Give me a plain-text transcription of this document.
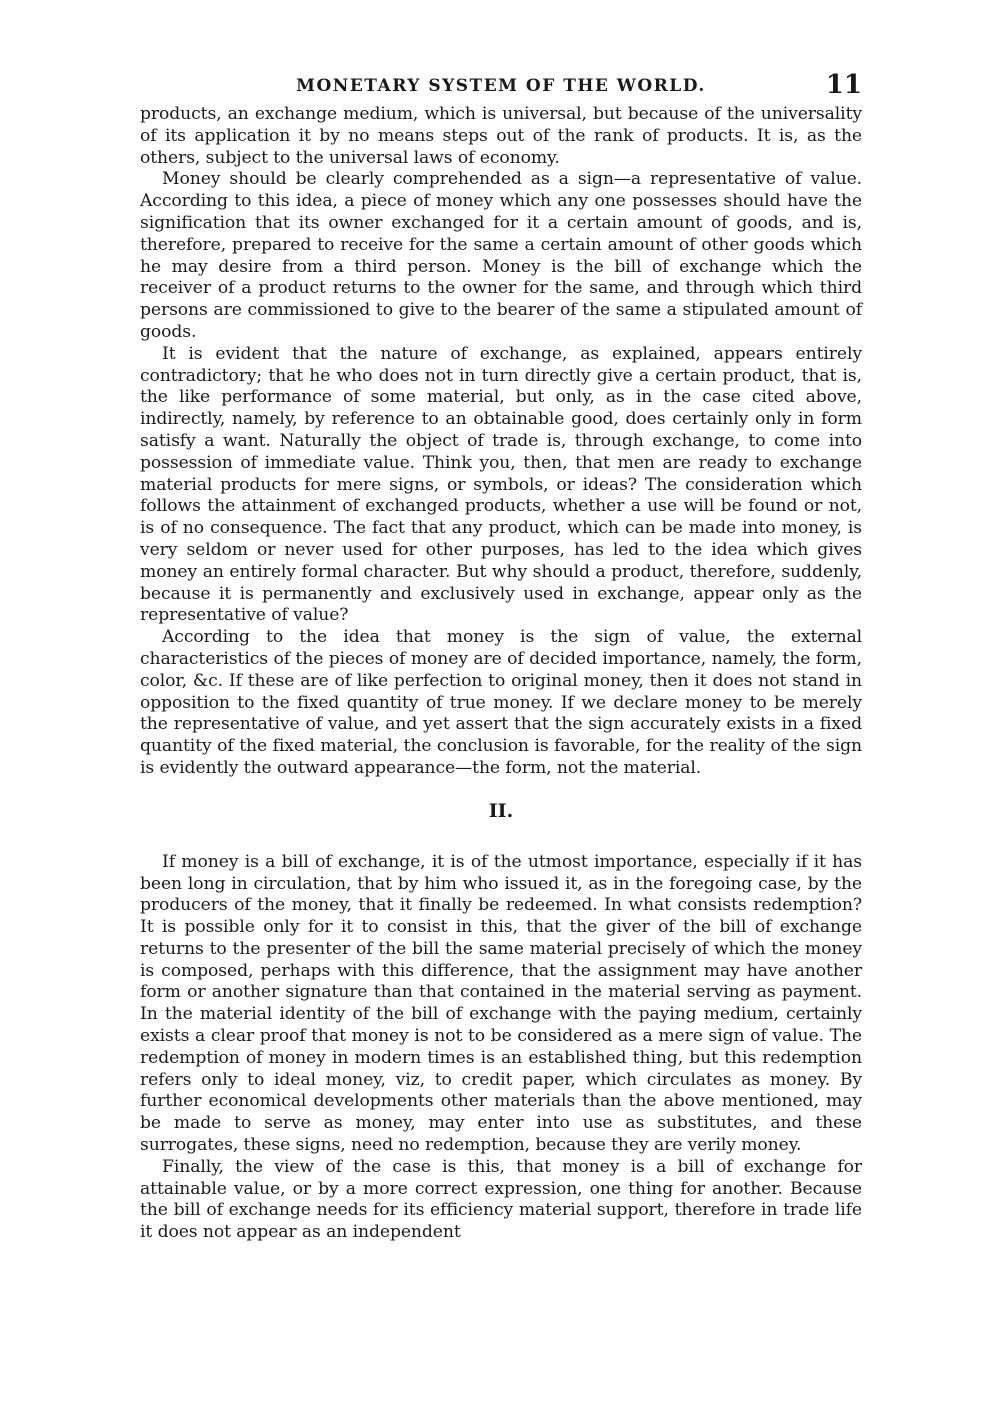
MONETARY SYSTEM OF THE WORLD.	11

products, an exchange medium, which is universal, but because of the universality of its application it by no means steps out of the rank of products. It is, as the others, subject to the universal laws of economy.

Money should be clearly comprehended as a sign—a representative of value. According to this idea, a piece of money which any one possesses should have the signification that its owner exchanged for it a certain amount of goods, and is, therefore, prepared to receive for the same a certain amount of other goods which he may desire from a third person. Money is the bill of exchange which the receiver of a product returns to the owner for the same, and through which third persons are commissioned to give to the bearer of the same a stipulated amount of goods.

It is evident that the nature of exchange, as explained, appears entirely contradictory; that he who does not in turn directly give a certain product, that is, the like performance of some material, but only, as in the case cited above, indirectly, namely, by reference to an obtainable good, does certainly only in form satisfy a want. Naturally the object of trade is, through exchange, to come into possession of immediate value. Think you, then, that men are ready to exchange material products for mere signs, or symbols, or ideas? The consideration which follows the attainment of exchanged products, whether a use will be found or not, is of no consequence. The fact that any product, which can be made into money, is very seldom or never used for other purposes, has led to the idea which gives money an entirely formal character. But why should a product, therefore, suddenly, because it is permanently and exclusively used in exchange, appear only as the representative of value?

According to the idea that money is the sign of value, the external characteristics of the pieces of money are of decided importance, namely, the form, color, &c. If these are of like perfection to original money, then it does not stand in opposition to the fixed quantity of true money. If we declare money to be merely the representative of value, and yet assert that the sign accurately exists in a fixed quantity of the fixed material, the conclusion is favorable, for the reality of the sign is evidently the outward appearance—the form, not the material.

II.

If money is a bill of exchange, it is of the utmost importance, especially if it has been long in circulation, that by him who issued it, as in the foregoing case, by the producers of the money, that it finally be redeemed. In what consists redemption? It is possible only for it to consist in this, that the giver of the bill of exchange returns to the presenter of the bill the same material precisely of which the money is composed, perhaps with this difference, that the assignment may have another form or another signature than that contained in the material serving as payment. In the material identity of the bill of exchange with the paying medium, certainly exists a clear proof that money is not to be considered as a mere sign of value. The redemption of money in modern times is an established thing, but this redemption refers only to ideal money, viz, to credit paper, which circulates as money. By further economical developments other materials than the above mentioned, may be made to serve as money, may enter into use as substitutes, and these surrogates, these signs, need no redemption, because they are verily money.

Finally, the view of the case is this, that money is a bill of exchange for attainable value, or by a more correct expression, one thing for another. Because the bill of exchange needs for its efficiency material support, therefore in trade life it does not appear as an independent
